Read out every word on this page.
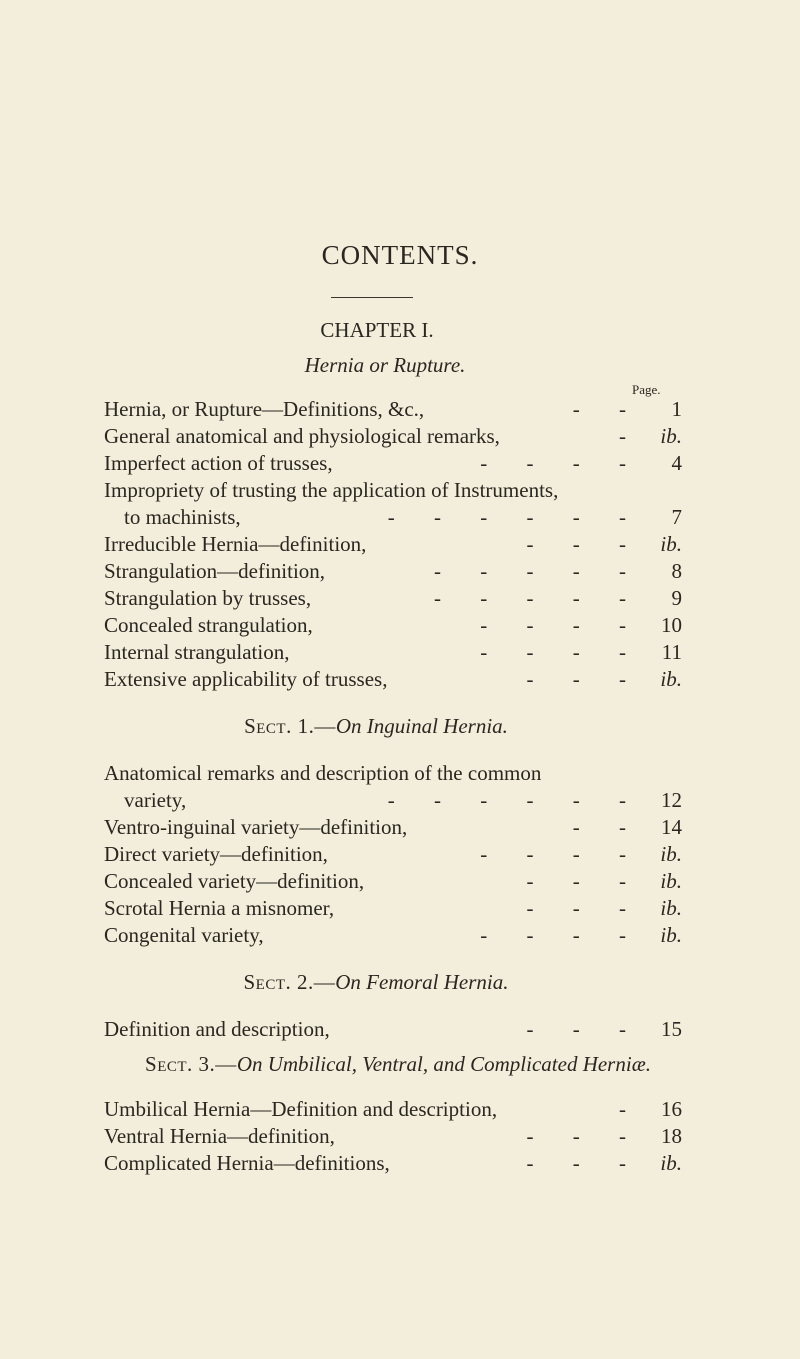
CONTENTS.
CHAPTER I.
Hernia or Rupture.
Page.
Hernia, or Rupture—Definitions, &c.,	- -	1
General anatomical and physiological remarks,	-	ib.
Imperfect action of trusses,	- - - -	4
Impropriety of trusting the application of Instruments,
to machinists,	- - - - - -	7
Irreducible Hernia—definition,	- - -	ib.
Strangulation—definition,	- - - - -	8
Strangulation by trusses,	- - - - -	9
Concealed strangulation,	- - - -	10
Internal strangulation,	- - - -	11
Extensive applicability of trusses,	- - -	ib.
Sect. 1.—On Inguinal Hernia.
Anatomical remarks and description of the common
variety,	- - - - - -	12
Ventro-inguinal variety—definition,	- -	14
Direct variety—definition,	- - - -	ib.
Concealed variety—definition,	- - -	ib.
Scrotal Hernia a misnomer,	- - -	ib.
Congenital variety,	- - - -	ib.
Sect. 2.—On Femoral Hernia.
Definition and description,	- - -	15
Sect. 3.—On Umbilical, Ventral, and Complicated Herniæ.
Umbilical Hernia—Definition and description,	-	16
Ventral Hernia—definition,	- - -	18
Complicated Hernia—definitions,	- - -	ib.
